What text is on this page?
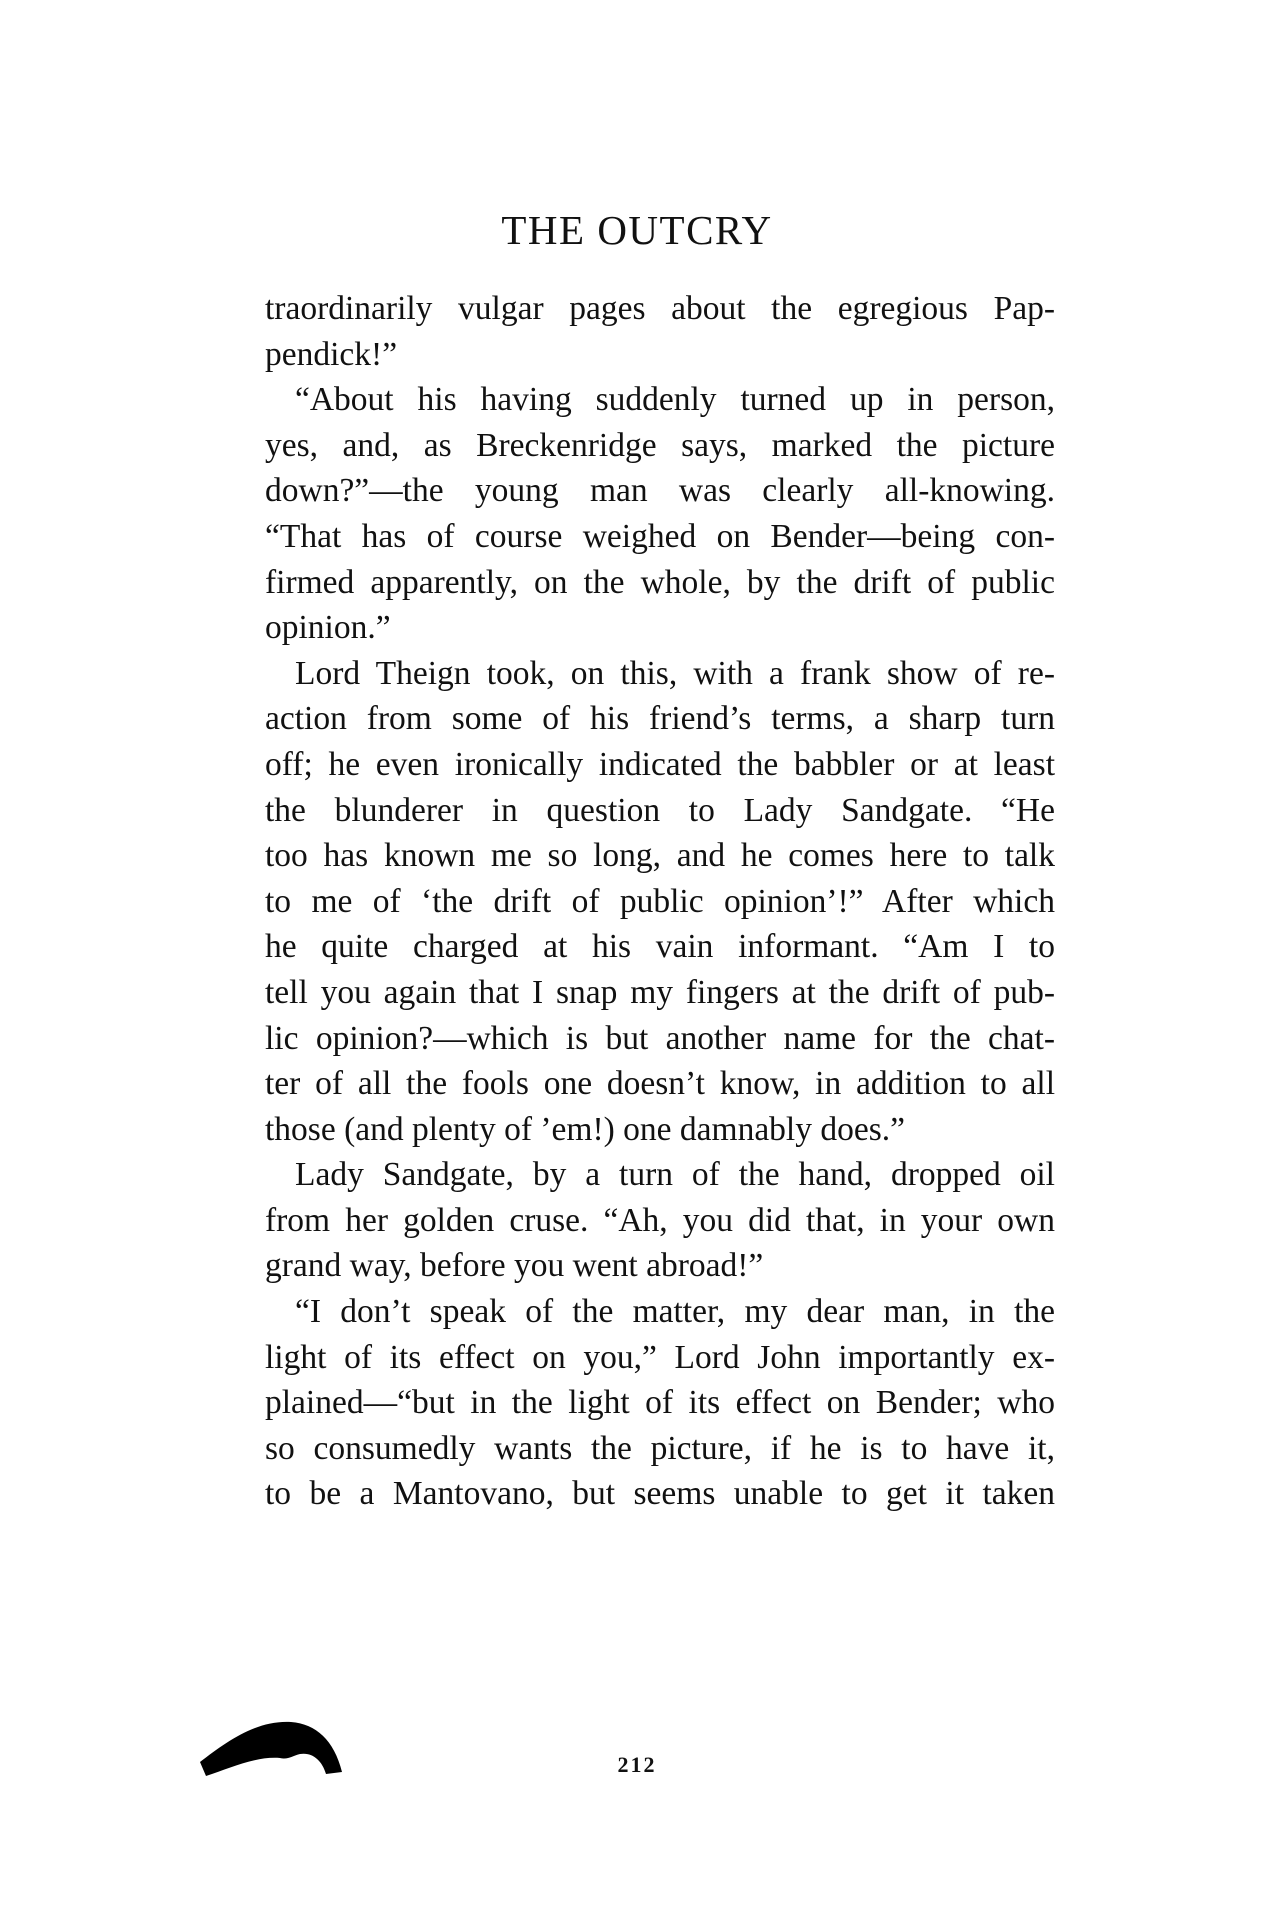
THE OUTCRY
traordinarily vulgar pages about the egregious Pap-
pendick!”
“About his having suddenly turned up in person,
yes, and, as Breckenridge says, marked the picture
down?”—the young man was clearly all-knowing.
“That has of course weighed on Bender—being con-
firmed apparently, on the whole, by the drift of public
opinion.”
Lord Theign took, on this, with a frank show of re-
action from some of his friend’s terms, a sharp turn
off; he even ironically indicated the babbler or at least
the blunderer in question to Lady Sandgate. “He
too has known me so long, and he comes here to talk
to me of ‘the drift of public opinion’!” After which
he quite charged at his vain informant. “Am I to
tell you again that I snap my fingers at the drift of pub-
lic opinion?—which is but another name for the chat-
ter of all the fools one doesn’t know, in addition to all
those (and plenty of ’em!) one damnably does.”
Lady Sandgate, by a turn of the hand, dropped oil
from her golden cruse. “Ah, you did that, in your own
grand way, before you went abroad!”
“I don’t speak of the matter, my dear man, in the
light of its effect on you,” Lord John importantly ex-
plained—“but in the light of its effect on Bender; who
so consumedly wants the picture, if he is to have it,
to be a Mantovano, but seems unable to get it taken
212
